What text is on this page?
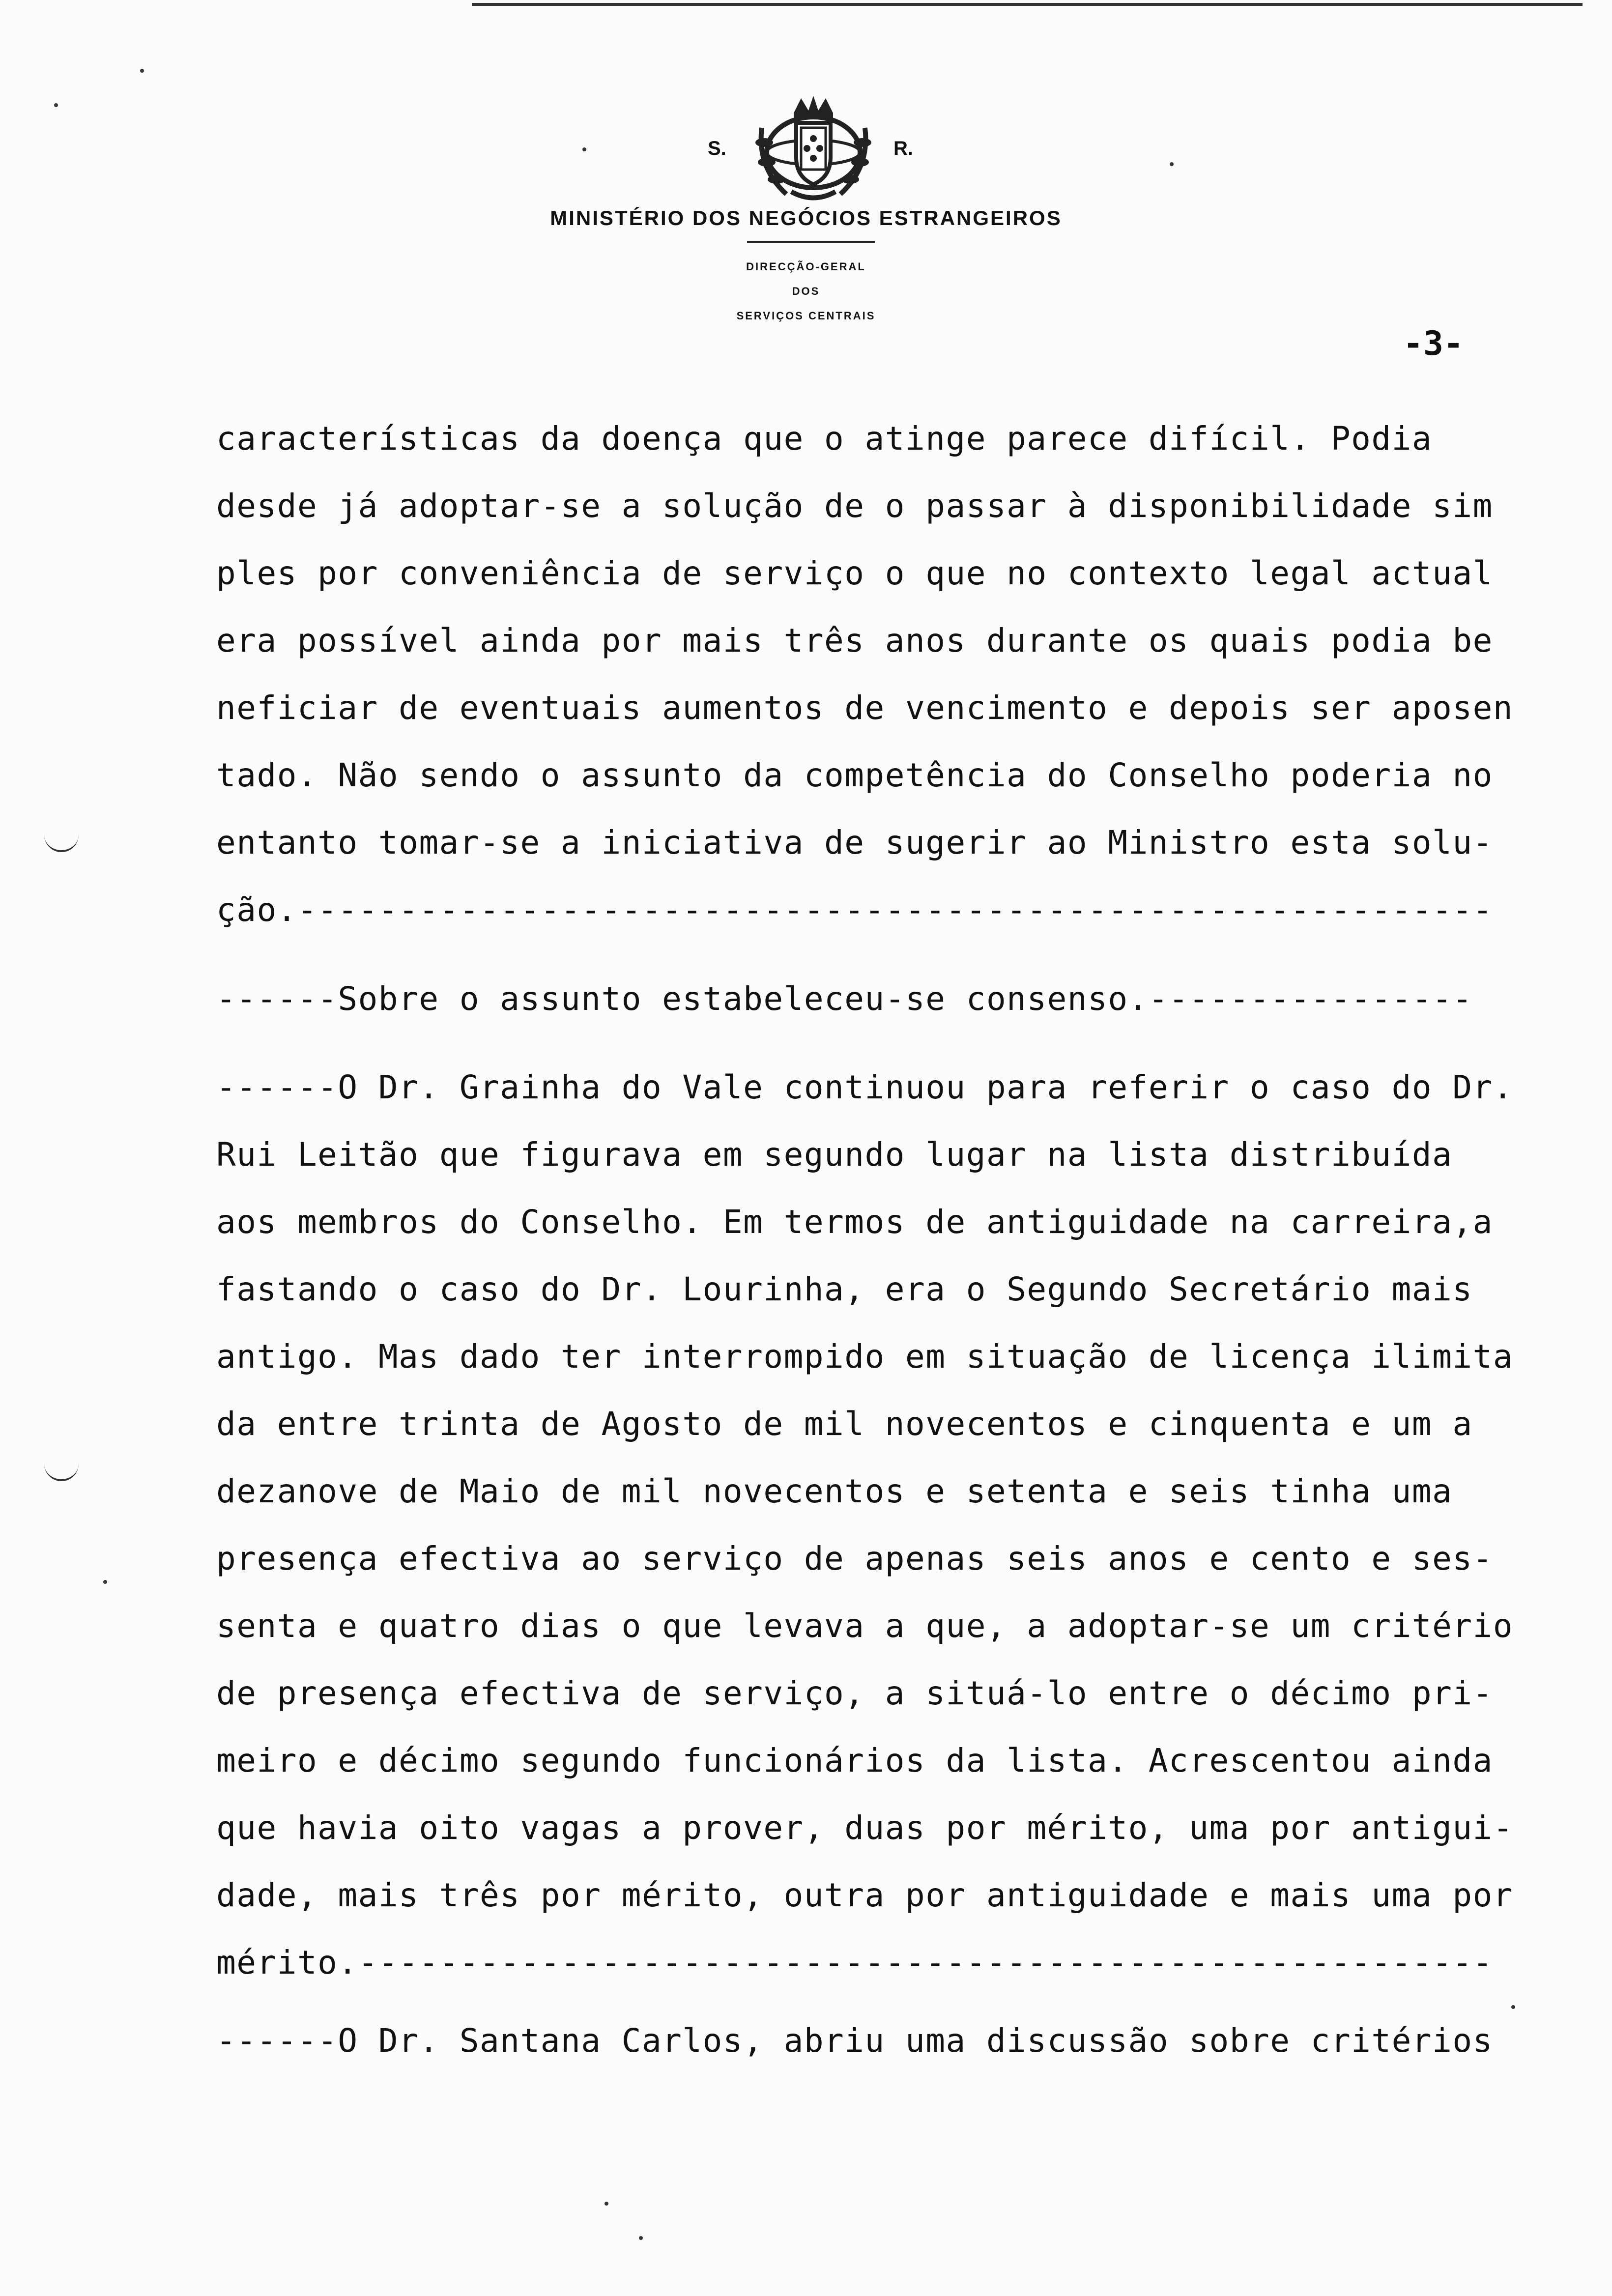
S.	R.
MINISTÉRIO DOS NEGÓCIOS ESTRANGEIROS
DIRECÇÃO-GERAL
DOS
SERVIÇOS CENTRAIS
-3-
características da doença que o atinge parece difícil. Podia
desde já adoptar-se a solução de o passar à disponibilidade sim
ples por conveniência de serviço o que no contexto legal actual
era possível ainda por mais três anos durante os quais podia be
neficiar de eventuais aumentos de vencimento e depois ser aposen
tado. Não sendo o assunto da competência do Conselho poderia no
entanto tomar-se a iniciativa de sugerir ao Ministro esta solu-
ção.-----------------------------------------------------------
------Sobre o assunto estabeleceu-se consenso.----------------
------O Dr. Grainha do Vale continuou para referir o caso do Dr.
Rui Leitão que figurava em segundo lugar na lista distribuída
aos membros do Conselho. Em termos de antiguidade na carreira,a
fastando o caso do Dr. Lourinha, era o Segundo Secretário mais
antigo. Mas dado ter interrompido em situação de licença ilimita
da entre trinta de Agosto de mil novecentos e cinquenta e um a
dezanove de Maio de mil novecentos e setenta e seis tinha uma
presença efectiva ao serviço de apenas seis anos e cento e ses-
senta e quatro dias o que levava a que, a adoptar-se um critério
de presença efectiva de serviço, a situá-lo entre o décimo pri-
meiro e décimo segundo funcionários da lista. Acrescentou ainda
que havia oito vagas a prover, duas por mérito, uma por antigui-
dade, mais três por mérito, outra por antiguidade e mais uma por
mérito.--------------------------------------------------------
------O Dr. Santana Carlos, abriu uma discussão sobre critérios
